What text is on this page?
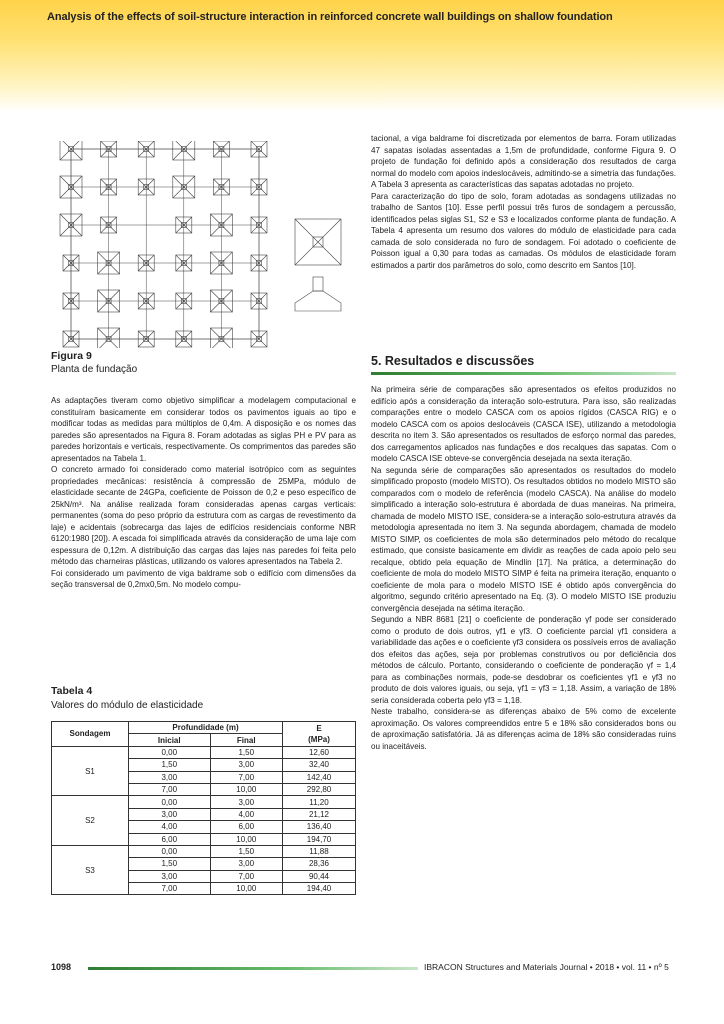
Analysis of the effects of soil-structure interaction in reinforced concrete wall buildings on shallow foundation
Figura 9
Planta de fundação

As adaptações tiveram como objetivo simplificar a modelagem computacional e constituíram basicamente em considerar todos os pavimentos iguais ao tipo e modificar todas as medidas para múltiplos de 0,4m. A disposição e os nomes das paredes são apresentados na Figura 8. Foram adotadas as siglas PH e PV para as paredes horizontais e verticais, respectivamente. Os comprimentos das paredes são apresentados na Tabela 1.

O concreto armado foi considerado como material isotrópico com as seguintes propriedades mecânicas: resistência à compressão de 25MPa, módulo de elasticidade secante de 24GPa, coeficiente de Poisson de 0,2 e peso específico de 25kN/m³. Na análise realizada foram consideradas apenas cargas verticais: permanentes (soma do peso próprio da estrutura com as cargas de revestimento da laje) e acidentais (sobrecarga das lajes de edifícios residenciais conforme NBR 6120:1980 [20]). A escada foi simplificada através da consideração de uma laje com espessura de 0,12m. A distribuição das cargas das lajes nas paredes foi feita pelo método das charneiras plásticas, utilizando os valores apresentados na Tabela 2.

Foi considerado um pavimento de viga baldrame sob o edifício com dimensões da seção transversal de 0,2mx0,5m. No modelo compu-

Tabela 4
Valores do módulo de elasticidade
Sondagem	Profundidade (m)		E
(MPa)
	Inicial	Final	
S1	0,00	1,50	12,60
	1,50	3,00	32,40
	3,00	7,00	142,40
	7,00	10,00	292,80
S2	0,00	3,00	11,20
	3,00	4,00	21,12
	4,00	6,00	136,40
	6,00	10,00	194,70
S3	0,00	1,50	11,88
	1,50	3,00	28,36
	3,00	7,00	90,44
	7,00	10,00	194,40

tacional, a viga baldrame foi discretizada por elementos de barra. Foram utilizadas 47 sapatas isoladas assentadas a 1,5m de profundidade, conforme Figura 9. O projeto de fundação foi definido após a consideração dos resultados de carga normal do modelo com apoios indeslocáveis, admitindo-se a simetria das fundações. A Tabela 3 apresenta as características das sapatas adotadas no projeto.

Para caracterização do tipo de solo, foram adotadas as sondagens utilizadas no trabalho de Santos [10]. Esse perfil possui três furos de sondagem a percussão, identificados pelas siglas S1, S2 e S3 e localizados conforme planta de fundação. A Tabela 4 apresenta um resumo dos valores do módulo de elasticidade para cada camada de solo considerada no furo de sondagem. Foi adotado o coeficiente de Poisson igual a 0,30 para todas as camadas. Os módulos de elasticidade foram estimados a partir dos parâmetros do solo, como descrito em Santos [10].

5. Resultados e discussões

Na primeira série de comparações são apresentados os efeitos produzidos no edifício após a consideração da interação solo-estrutura. Para isso, são realizadas comparações entre o modelo CASCA com os apoios rígidos (CASCA RIG) e o modelo CASCA com os apoios deslocáveis (CASCA ISE), utilizando a metodologia descrita no item 3. São apresentados os resultados de esforço normal das paredes, dos carregamentos aplicados nas fundações e dos recalques das sapatas. Com o modelo CASCA ISE obteve-se convergência desejada na sexta iteração.

Na segunda série de comparações são apresentados os resultados do modelo simplificado proposto (modelo MISTO). Os resultados obtidos no modelo MISTO são comparados com o modelo de referência (modelo CASCA). Na análise do modelo simplificado a interação solo-estrutura é abordada de duas maneiras. Na primeira, chamada de modelo MISTO ISE, considera-se a interação solo-estrutura através da metodologia apresentada no item 3. Na segunda abordagem, chamada de modelo MISTO SIMP, os coeficientes de mola são determinados pelo método do recalque estimado, que consiste basicamente em dividir as reações de cada apoio pelo seu recalque, obtido pela equação de Mindlin [17]. Na prática, a determinação do coeficiente de mola do modelo MISTO SIMP é feita na primeira iteração, enquanto o coeficiente de mola para o modelo MISTO ISE é obtido após convergência do algoritmo, segundo critério apresentado na Eq. (3). O modelo MISTO ISE produziu convergência desejada na sétima iteração.

Segundo a NBR 8681 [21] o coeficiente de ponderação γf pode ser considerado como o produto de dois outros, γf1 e γf3. O coeficiente parcial γf1 considera a variabilidade das ações e o coeficiente γf3 considera os possíveis erros de avaliação dos efeitos das ações, seja por problemas construtivos ou por deficiência dos métodos de cálculo. Portanto, considerando o coeficiente de ponderação γf = 1,4 para as combinações normais, pode-se desdobrar os coeficientes γf1 e γf3 no produto de dois valores iguais, ou seja, γf1 = γf3 = 1,18. Assim, a variação de 18% seria considerada coberta pelo γf3 = 1,18.

Neste trabalho, considera-se as diferenças abaixo de 5% como de excelente aproximação. Os valores compreendidos entre 5 e 18% são considerados bons ou de aproximação satisfatória. Já as diferenças acima de 18% são consideradas ruins ou inaceitáveis.

1098	IBRACON Structures and Materials Journal • 2018 • vol. 11 • nº 5
